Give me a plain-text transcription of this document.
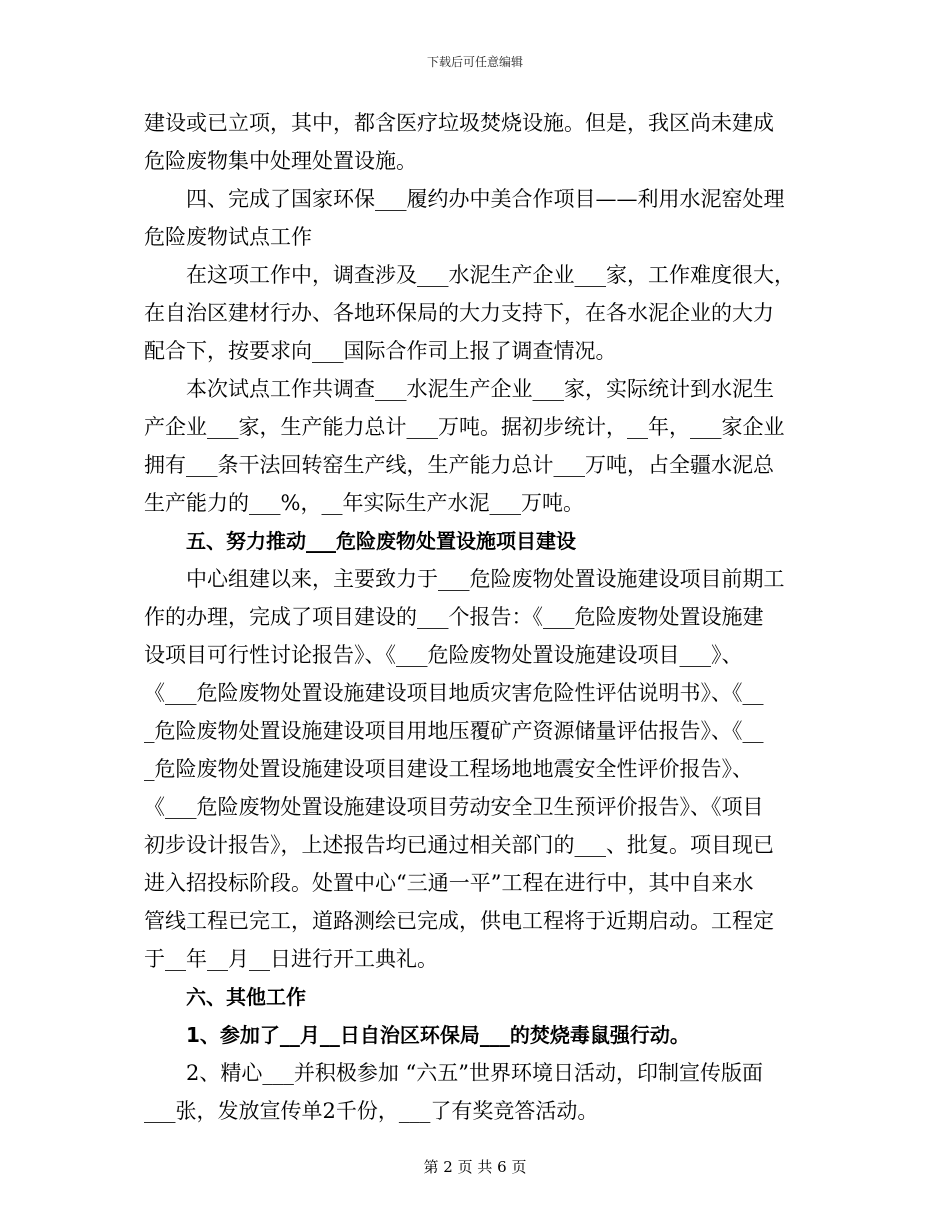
下载后可任意编辑
建设或已立项，其中，都含医疗垃圾焚烧设施。但是，我区尚未建成
危险废物集中处理处置设施。
四、完成了国家环保___履约办中美合作项目——利用水泥窑处理
危险废物试点工作
在这项工作中，调查涉及___水泥生产企业___家，工作难度很大，
在自治区建材行办、各地环保局的大力支持下，在各水泥企业的大力
配合下，按要求向___国际合作司上报了调查情况。
本次试点工作共调查___水泥生产企业___家，实际统计到水泥生
产企业___家，生产能力总计___万吨。据初步统计，__年，___家企业
拥有___条干法回转窑生产线，生产能力总计___万吨，占全疆水泥总
生产能力的___%，__年实际生产水泥___万吨。
五、努力推动___危险废物处置设施项目建设
中心组建以来，主要致力于___危险废物处置设施建设项目前期工
作的办理，完成了项目建设的___个报告：《___危险废物处置设施建
设项目可行性讨论报告》、《___危险废物处置设施建设项目___》、
《___危险废物处置设施建设项目地质灾害危险性评估说明书》、《__
_危险废物处置设施建设项目用地压覆矿产资源储量评估报告》、《__
_危险废物处置设施建设项目建设工程场地地震安全性评价报告》、
《___危险废物处置设施建设项目劳动安全卫生预评价报告》、《项目
初步设计报告》，上述报告均已通过相关部门的___、批复。项目现已
进入招投标阶段。处置中心“三通一平”工程在进行中，其中自来水
管线工程已完工，道路测绘已完成，供电工程将于近期启动。工程定
于__年__月__日进行开工典礼。
六、其他工作
1、参加了__月__日自治区环保局___的焚烧毒鼠强行动。
2、精心___并积极参加 “六五”世界环境日活动，印制宣传版面
___张，发放宣传单2千份，___了有奖竞答活动。
第 2 页 共 6 页
